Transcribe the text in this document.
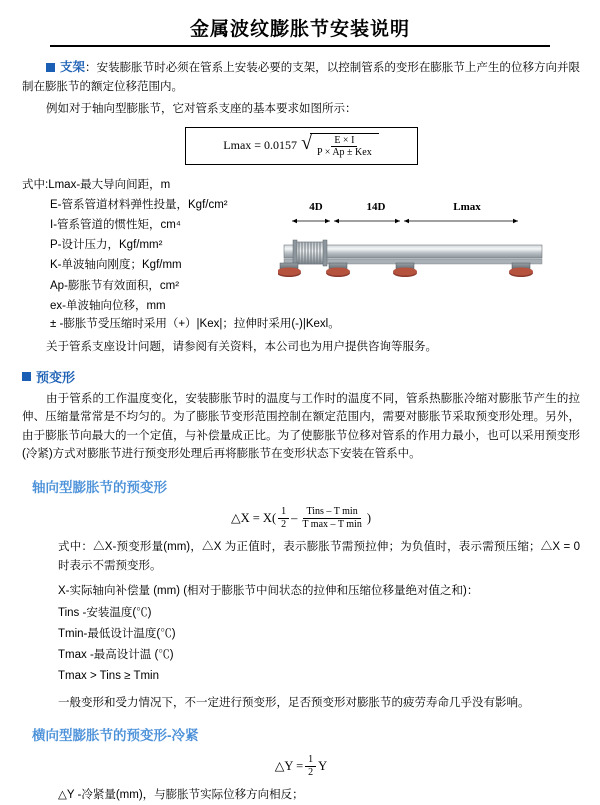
金属波纹膨胀节安装说明

支架：安装膨胀节时必须在管系上安装必要的支架，以控制管系的变形在膨胀节上产生的位移方向并限制在膨胀节的额定位移范围内。

例如对于轴向型膨胀节，它对管系支座的基本要求如图所示：

Lmax = 0.0157 √ $\frac{E \times I}{\text{P × Ap ± Kex}}$
式中:Lmax-最大导向间距，m
E-管系管道材料弹性投量，Kgf/cm²
I-管系管道的惯性矩，cm⁴
P-设计压力，Kgf/mm²
K-单波轴向刚度；Kgf/mm
Ap-膨胀节有效面积，cm²
ex-单波轴向位移，mm
4D	14D	Lmax
± -膨胀节受压缩时采用（+）|Kex|；拉伸时采用(-)|Kexl。

关于管系支座设计问题，请参阅有关资料，本公司也为用户提供咨询等服务。

预变形

由于管系的工作温度变化，安装膨胀节时的温度与工作时的温度不同，管系热膨胀冷缩对膨胀节产生的拉伸、压缩量常常是不均匀的。为了膨胀节变形范围控制在额定范围内，需要对膨胀节采取预变形处理。另外，由于膨胀节向最大的一个定值，与补偿量成正比。为了使膨胀节位移对管系的作用力最小，也可以采用预变形(冷紧)方式对膨胀节进行预变形处理后再将膨胀节在变形状态下安装在管系中。

轴向型膨胀节的预变形
△X = $X( \frac{1}{2} - \frac{\text{Tins – T min}}{\text{T max – T min}}$ )

式中：△X-预变形量(mm)，△X 为正值时，表示膨胀节需预拉伸；为负值时，表示需预压缩；△X = 0时表示不需预变形。

X-实际轴向补偿量 (mm) (相对于膨胀节中间状态的拉伸和压缩位移量绝对值之和)：
Tins -安装温度(℃)
Tmin-最低设计温度(℃)
Tmax -最高设计温 (℃)
Tmax > Tins ≥ Tmin

一般变形和受力情况下，不一定进行预变形，足否预变形对膨胀节的疲劳寿命几乎没有影响。

横向型膨胀节的预变形-冷紧
△Y = $\frac{1}{2}$ Y

△Y -冷紧量(mm)，与膨胀节实际位移方向相反；
